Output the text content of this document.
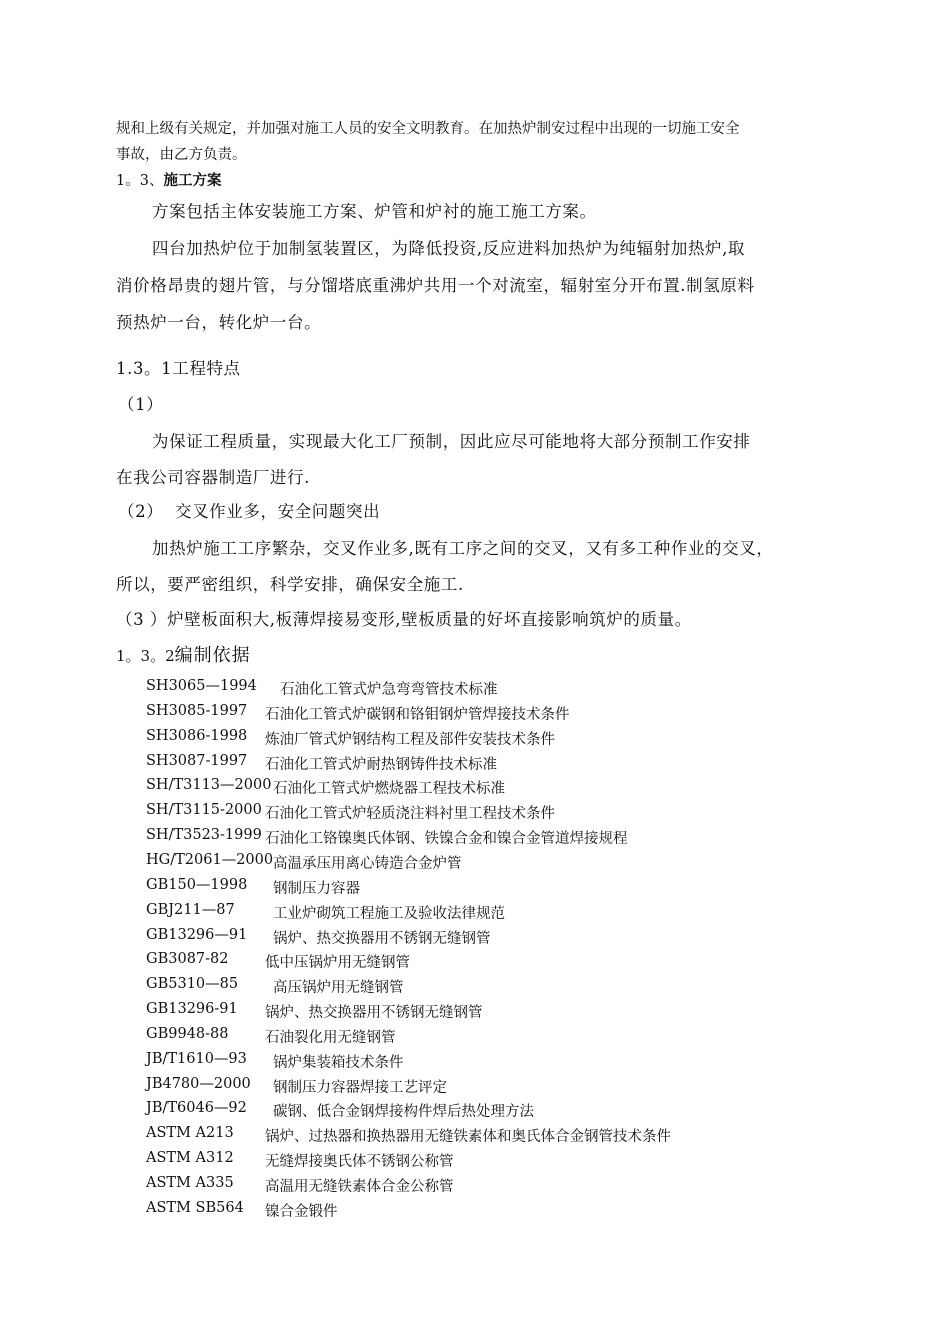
规和上级有关规定，并加强对施工人员的安全文明教育。在加热炉制安过程中出现的一切施工安全
事故，由乙方负责。
1。3、施工方案
方案包括主体安装施工方案、炉管和炉衬的施工施工方案。
四台加热炉位于加制氢装置区，为降低投资,反应进料加热炉为纯辐射加热炉,取
消价格昂贵的翅片管，与分馏塔底重沸炉共用一个对流室，辐射室分开布置.制氢原料
预热炉一台，转化炉一台。
1.3。1工程特点
（1）
为保证工程质量，实现最大化工厂预制，因此应尽可能地将大部分预制工作安排
在我公司容器制造厂进行.
（2）  交叉作业多，安全问题突出
加热炉施工工序繁杂，交叉作业多,既有工序之间的交叉，又有多工种作业的交叉，
所以，要严密组织，科学安排，确保安全施工.
（3 ）炉壁板面积大,板薄焊接易变形,壁板质量的好坏直接影响筑炉的质量。
1。3。2编制依据
SH3065—1994 石油化工管式炉急弯弯管技术标准
SH3085-1997 石油化工管式炉碳钢和铬钼钢炉管焊接技术条件
SH3086-1998 炼油厂管式炉钢结构工程及部件安装技术条件
SH3087-1997 石油化工管式炉耐热钢铸件技术标准
SH/T3113—2000 石油化工管式炉燃烧器工程技术标准
SH/T3115-2000 石油化工管式炉轻质浇注料衬里工程技术条件
SH/T3523-1999 石油化工铬镍奥氏体钢、铁镍合金和镍合金管道焊接规程
HG/T2061—2000 高温承压用离心铸造合金炉管
GB150—1998 钢制压力容器
GBJ211—87	工业炉砌筑工程施工及验收法律规范
GB13296—91 锅炉、热交换器用不锈钢无缝钢管
GB3087-82	低中压锅炉用无缝钢管
GB5310—85 高压锅炉用无缝钢管
GB13296-91 锅炉、热交换器用不锈钢无缝钢管
GB9948-88	石油裂化用无缝钢管
JB/T1610—93 锅炉集装箱技术条件
JB4780—2000 钢制压力容器焊接工艺评定
JB/T6046—92 碳钢、低合金钢焊接构件焊后热处理方法
ASTM A213 锅炉、过热器和换热器用无缝铁素体和奥氏体合金钢管技术条件
ASTM A312 无缝焊接奥氏体不锈钢公称管
ASTM A335 高温用无缝铁素体合金公称管
ASTM SB564 镍合金锻件
